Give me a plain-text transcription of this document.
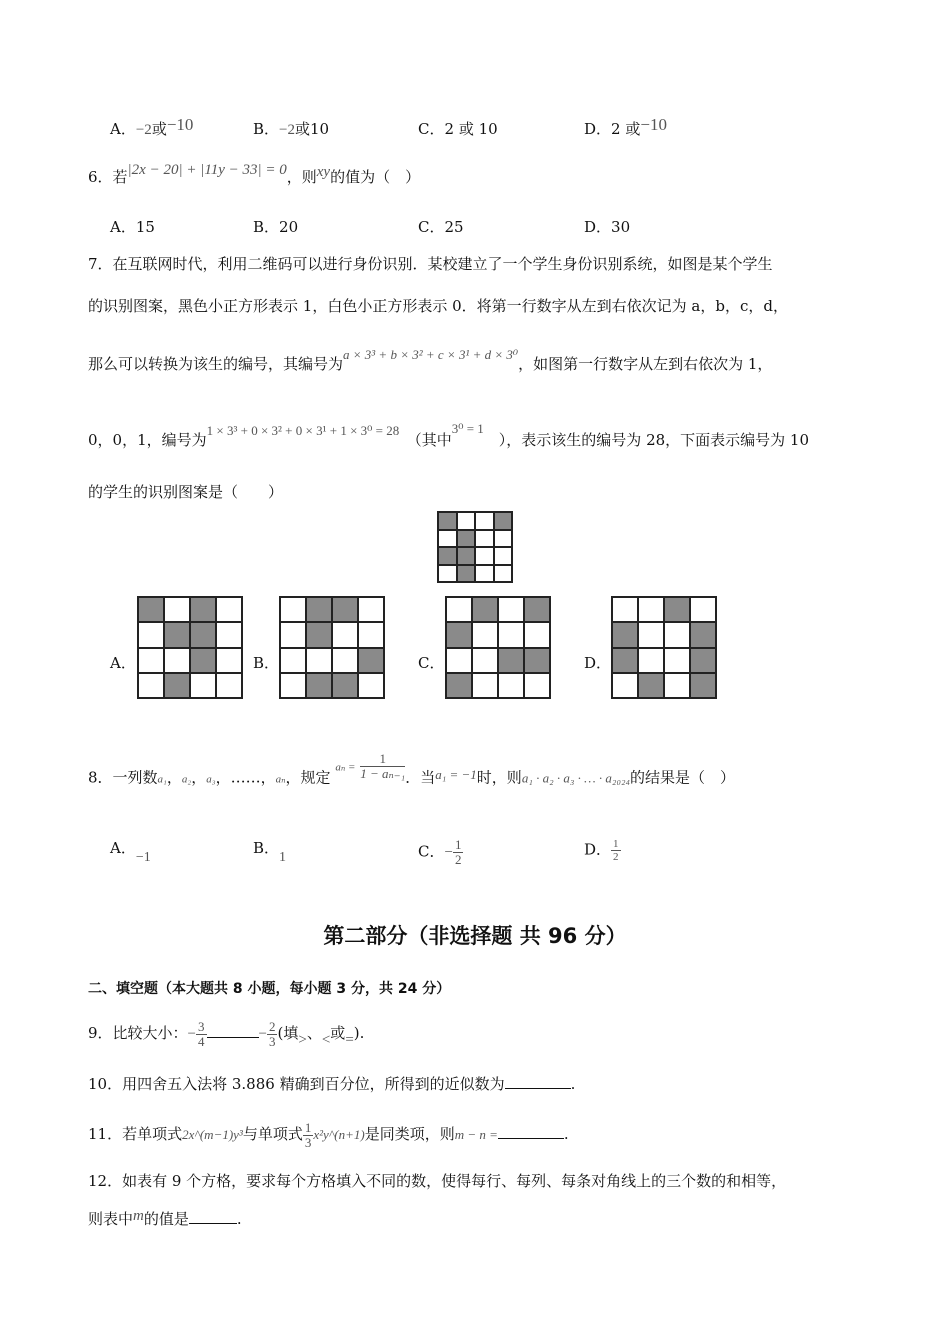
A．−2或−10	B．−2或10	C．2 或 10	D．2 或−10
6．若|2x − 20| + |11y − 33| = 0，则xy的值为（　）
A．15	B．20	C．25	D．30
7．在互联网时代，利用二维码可以进行身份识别．某校建立了一个学生身份识别系统，如图是某个学生
的识别图案，黑色小正方形表示 1，白色小正方形表示 0．将第一行数字从左到右依次记为 a，b，c，d，
那么可以转换为该生的编号，其编号为a × 3³ + b × 3² + c × 3¹ + d × 3⁰，如图第一行数字从左到右依次为 1，
0，0，1，编号为1 × 3³ + 0 × 3² + 0 × 3¹ + 1 × 3⁰ = 28　（其中3⁰ = 1　），表示该生的编号为 28，下面表示编号为 10
的学生的识别图案是（　　）
A．	B．	C．	D．
8．一列数a₁，a₂，a₃，……，aₙ，规定 $a_n = \frac{1}{\text{1 − aₙ₋₁}}$ ．当a₁ = −1时，则a₁ · a₂ · a₃ · … · a₂₀₂₄的结果是（　）
A．−1
B．1	C．− $\frac{1}{2}$	D． $\frac{1}{2}$
第二部分（非选择题 共 96 分）
二、填空题（本大题共 8 小题，每小题 3 分，共 24 分）
9．比较大小：− $\frac{3}{4}$	− $\frac{2}{3}$ (填>、<或=).
10．用四舍五入法将 3.886 精确到百分位，所得到的近似数为	.
11．若单项式2x^(m−1)y³与单项式 $\frac{1}{3}$ x²y^(n+1)是同类项，则m − n =	.
12．如表有 9 个方格，要求每个方格填入不同的数，使得每行、每列、每条对角线上的三个数的和相等，
则表中m的值是	.
